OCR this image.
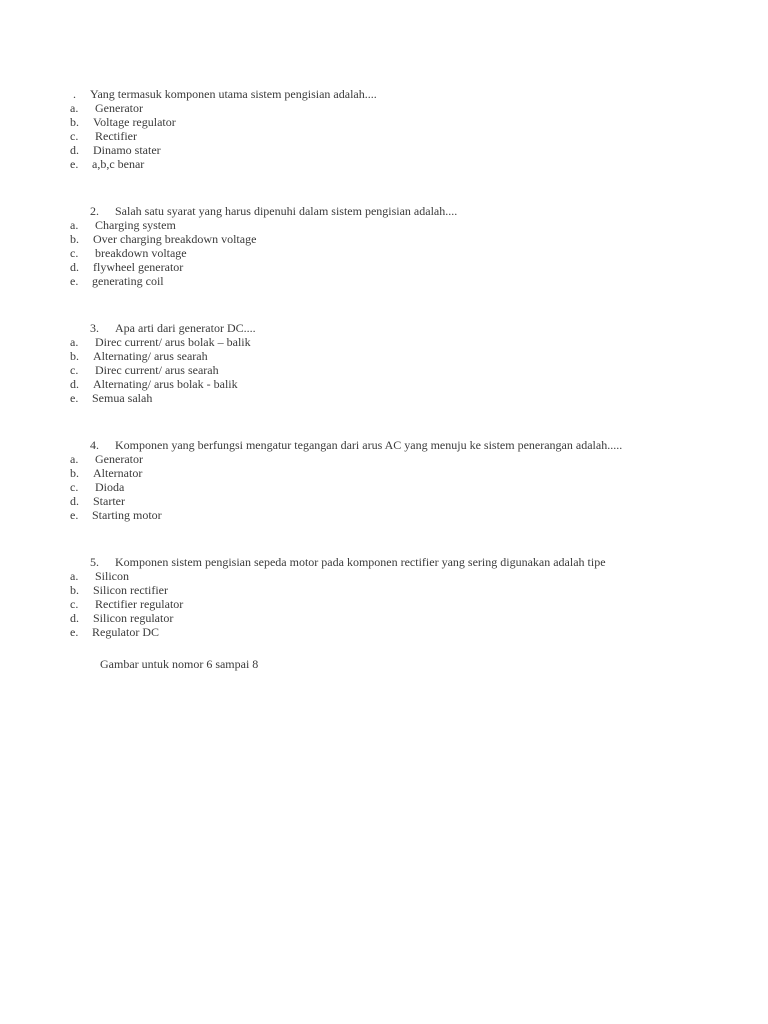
. Yang termasuk komponen utama sistem pengisian adalah....
a. Generator
b. Voltage regulator
c. Rectifier
d. Dinamo stater
e. a,b,c benar
2. Salah satu syarat yang harus dipenuhi dalam sistem pengisian adalah....
a. Charging system
b. Over charging breakdown voltage
c. breakdown voltage
d. flywheel generator
e. generating coil
3. Apa arti dari generator DC....
a. Direc current/ arus bolak – balik
b. Alternating/ arus searah
c. Direc current/ arus searah
d. Alternating/ arus bolak - balik
e. Semua salah
4. Komponen yang berfungsi mengatur tegangan dari arus AC yang menuju ke sistem penerangan adalah.....
a. Generator
b. Alternator
c. Dioda
d. Starter
e. Starting motor
5. Komponen sistem pengisian sepeda motor pada komponen rectifier yang sering digunakan adalah tipe
a. Silicon
b. Silicon rectifier
c. Rectifier regulator
d. Silicon regulator
e. Regulator DC
Gambar untuk nomor 6 sampai 8
